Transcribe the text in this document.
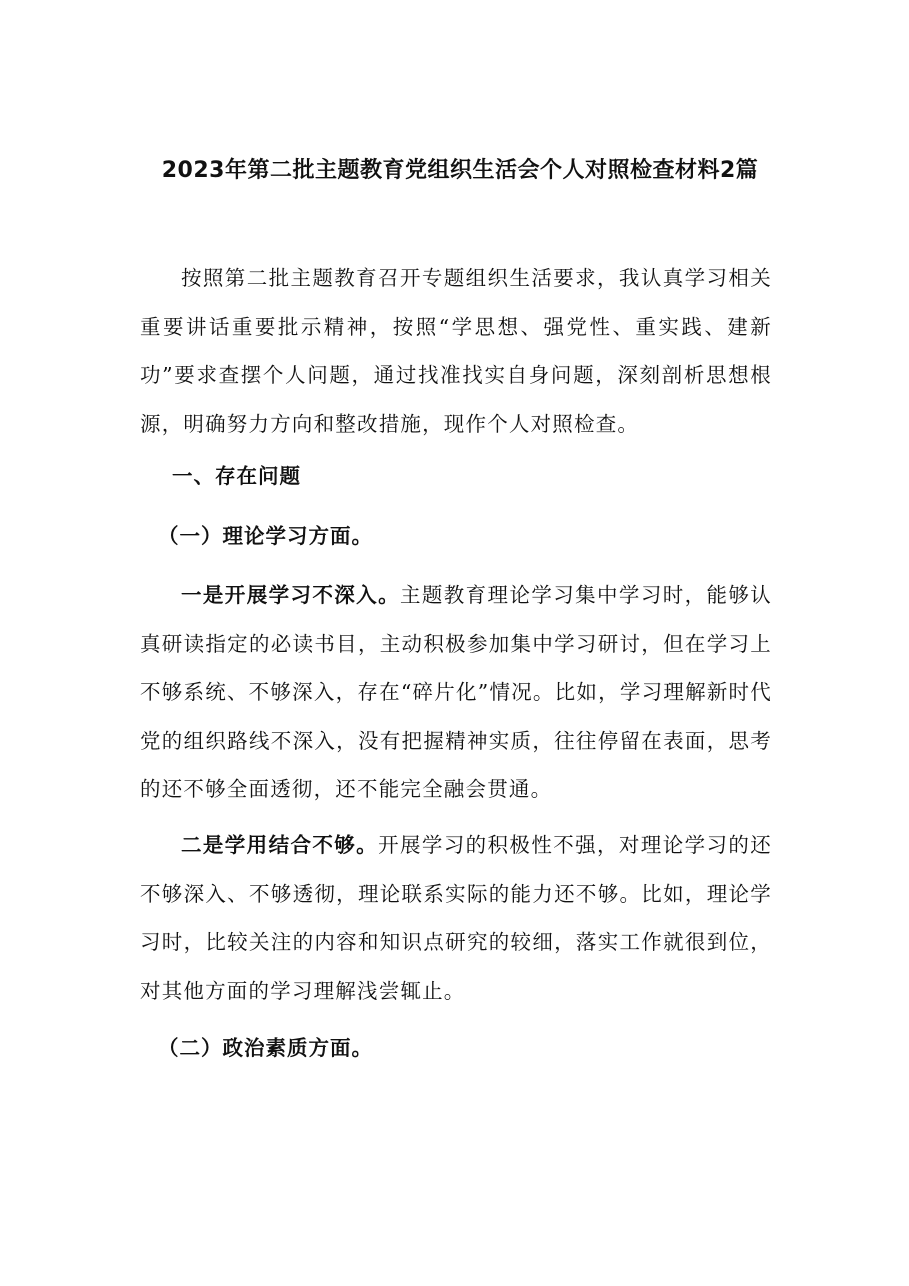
2023年第二批主题教育党组织生活会个人对照检查材料2篇
按照第二批主题教育召开专题组织生活要求，我认真学习相关重要讲话重要批示精神，按照“学思想、强党性、重实践、建新功”要求查摆个人问题，通过找准找实自身问题，深刻剖析思想根源，明确努力方向和整改措施，现作个人对照检查。
一、存在问题
（一）理论学习方面。
一是开展学习不深入。主题教育理论学习集中学习时，能够认真研读指定的必读书目，主动积极参加集中学习研讨，但在学习上不够系统、不够深入，存在“碎片化”情况。比如，学习理解新时代党的组织路线不深入，没有把握精神实质，往往停留在表面，思考的还不够全面透彻，还不能完全融会贯通。
二是学用结合不够。开展学习的积极性不强，对理论学习的还不够深入、不够透彻，理论联系实际的能力还不够。比如，理论学习时，比较关注的内容和知识点研究的较细，落实工作就很到位，对其他方面的学习理解浅尝辄止。
（二）政治素质方面。
